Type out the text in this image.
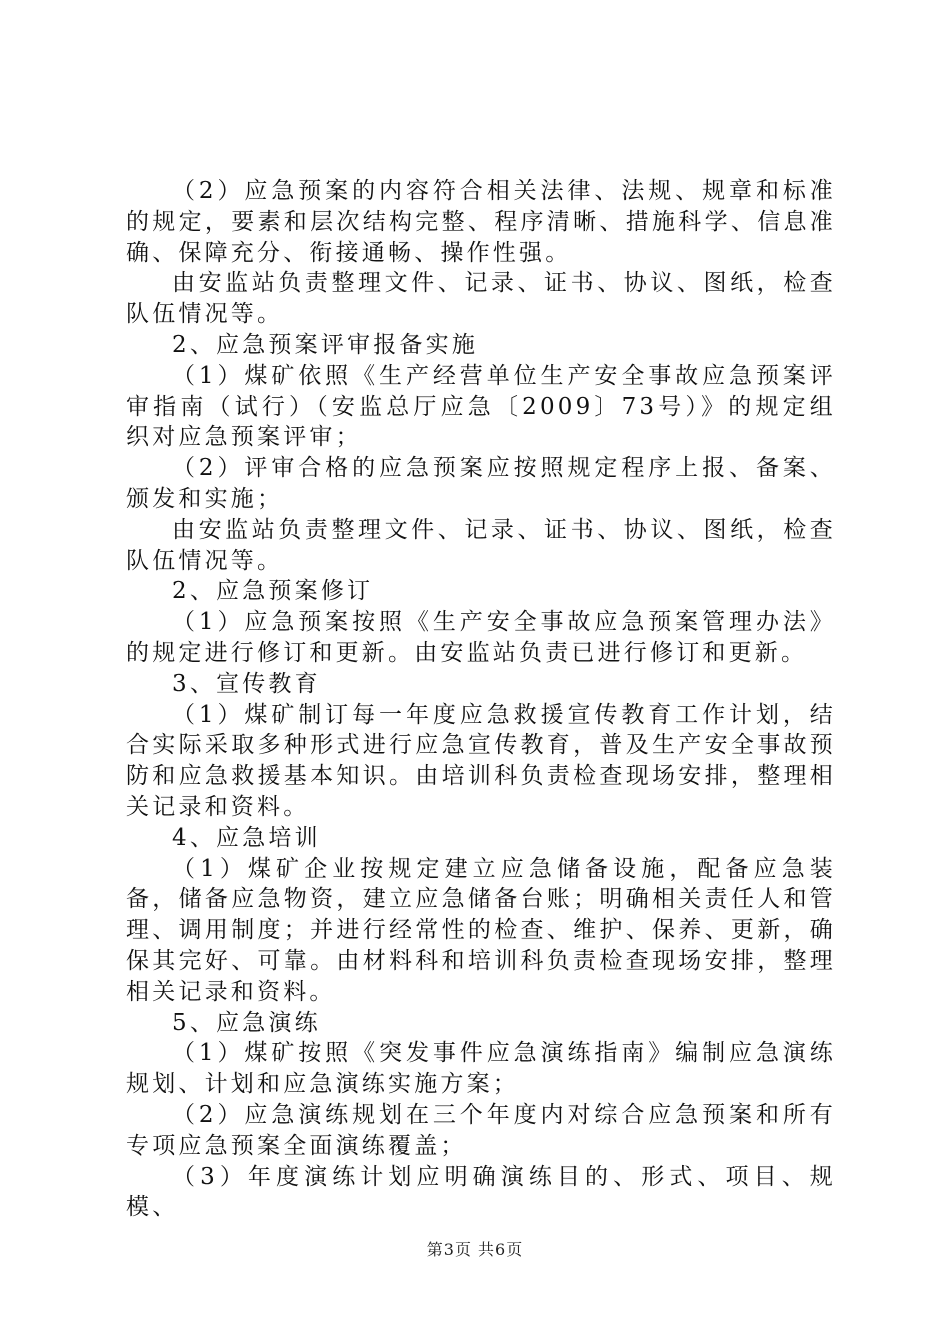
（2）应急预案的内容符合相关法律、法规、规章和标准的规定，要素和层次结构完整、程序清晰、措施科学、信息准确、保障充分、衔接通畅、操作性强。

由安监站负责整理文件、记录、证书、协议、图纸，检查队伍情况等。

2、应急预案评审报备实施

（1）煤矿依照《生产经营单位生产安全事故应急预案评审指南（试行）（安监总厅应急〔2009〕73号）》的规定组织对应急预案评审；

（2）评审合格的应急预案应按照规定程序上报、备案、颁发和实施；

由安监站负责整理文件、记录、证书、协议、图纸，检查队伍情况等。

2、应急预案修订

（1）应急预案按照《生产安全事故应急预案管理办法》的规定进行修订和更新。由安监站负责已进行修订和更新。

3、宣传教育

（1）煤矿制订每一年度应急救援宣传教育工作计划，结合实际采取多种形式进行应急宣传教育，普及生产安全事故预防和应急救援基本知识。由培训科负责检查现场安排，整理相关记录和资料。

4、应急培训

（1）煤矿企业按规定建立应急储备设施，配备应急装备，储备应急物资，建立应急储备台账；明确相关责任人和管理、调用制度；并进行经常性的检查、维护、保养、更新，确保其完好、可靠。由材料科和培训科负责检查现场安排，整理相关记录和资料。

5、应急演练

（1）煤矿按照《突发事件应急演练指南》编制应急演练规划、计划和应急演练实施方案；

（2）应急演练规划在三个年度内对综合应急预案和所有专项应急预案全面演练覆盖；

（3）年度演练计划应明确演练目的、形式、项目、规模、

第3页 共6页
